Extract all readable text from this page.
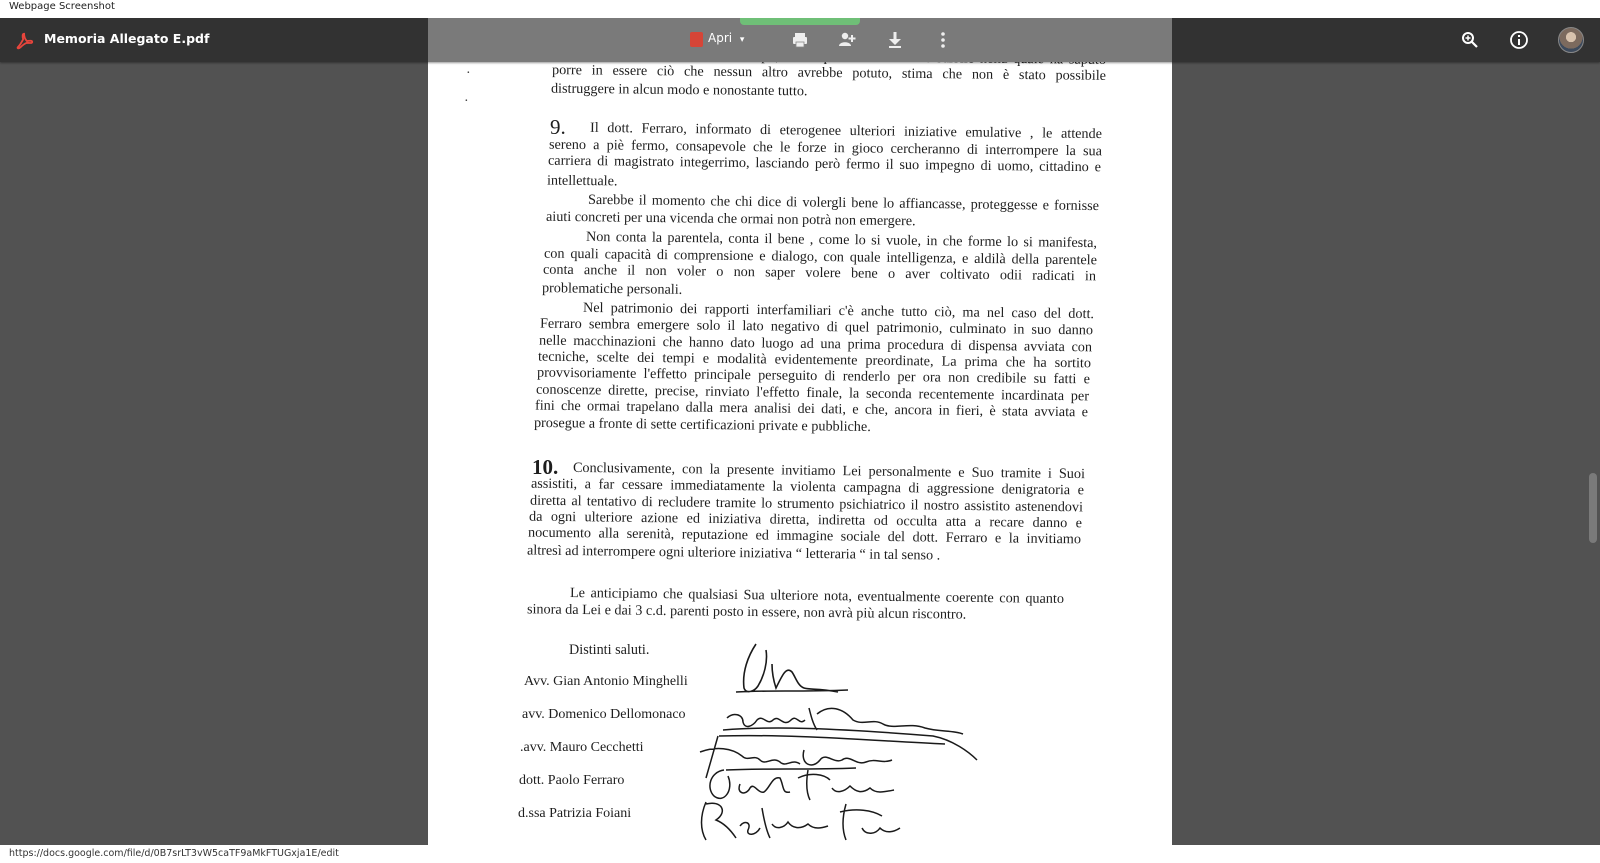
Webpage Screenshot
porre in essere ciò che nessun altro avrebbe potuto, stima che non è stato possibile
distruggere in alcun modo e nonostante tutto.
·
·
9. Il dott. Ferraro, informato di eterogenee ulteriori iniziative emulative , le attende
sereno a piè fermo, consapevole che le forze in gioco cercheranno di interrompere la sua
carriera di magistrato integerrimo, lasciando però fermo il suo impegno di uomo, cittadino e
intellettuale.
Sarebbe il momento che chi dice di volergli bene lo affiancasse, proteggesse e fornisse
aiuti concreti per una vicenda che ormai non potrà non emergere.
Non conta la parentela, conta il bene , come lo si vuole, in che forme lo si manifesta,
con quali capacità di comprensione e dialogo, con quale intelligenza, e aldilà della parentele
conta anche il non voler o non saper volere bene o aver coltivato odii radicati in
problematiche personali.
Nel patrimonio dei rapporti interfamiliari c'è anche tutto ciò, ma nel caso del dott.
Ferraro sembra emergere solo il lato negativo di quel patrimonio, culminato in suo danno
nelle macchinazioni che hanno dato luogo ad una prima procedura di dispensa avviata con
tecniche, scelte dei tempi e modalità evidentemente preordinate, La prima che ha sortito
provvisoriamente l'effetto principale perseguito di renderlo per ora non credibile su fatti e
conoscenze dirette, precise, rinviato l'effetto finale, la seconda recentemente incardinata per
fini che ormai trapelano dalla mera analisi dei dati, e che, ancora in fieri, è stata avviata e
prosegue a fronte di sette certificazioni private e pubbliche.
10. Conclusivamente, con la presente invitiamo Lei personalmente e Suo tramite i Suoi
assistiti, a far cessare immediatamente la violenta campagna di aggressione denigratoria e
diretta al tentativo di recludere tramite lo strumento psichiatrico il nostro assistito astenendovi
da ogni ulteriore azione ed iniziativa diretta, indiretta od occulta atta a recare danno e
nocumento alla serenità, reputazione ed immagine sociale del dott. Ferraro e la invitiamo
altresì ad interrompere ogni ulteriore iniziativa “ letteraria “ in tal senso .
Le anticipiamo che qualsiasi Sua ulteriore nota, eventualmente coerente con quanto
sinora da Lei e dai 3 c.d. parenti posto in essere, non avrà più alcun riscontro.
Distinti saluti.
Avv. Gian Antonio Minghelli
avv. Domenico Dellomonaco
.avv. Mauro Cecchetti
dott. Paolo Ferraro
d.ssa Patrizia Foiani
Memoria Allegato E.pdf	Apri ▾
https://docs.google.com/file/d/0B7srLT3vW5caTF9aMkFTUGxja1E/edit
